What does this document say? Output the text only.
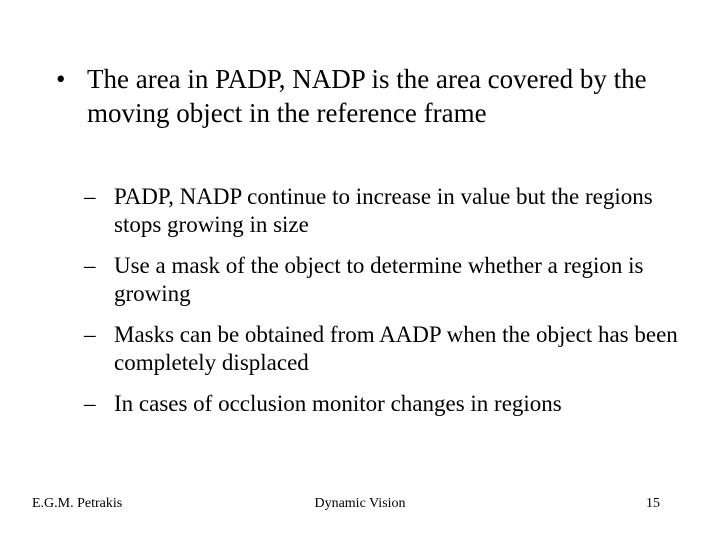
• The area in PADP, NADP is the area covered by the moving object in the reference frame
– PADP, NADP continue to increase in value but the regions stops growing in size
– Use a mask of the object to determine whether a region is growing
– Masks can be obtained from AADP when the object has been completely displaced
– In cases of occlusion monitor changes in regions
E.G.M. Petrakis	Dynamic Vision	15
